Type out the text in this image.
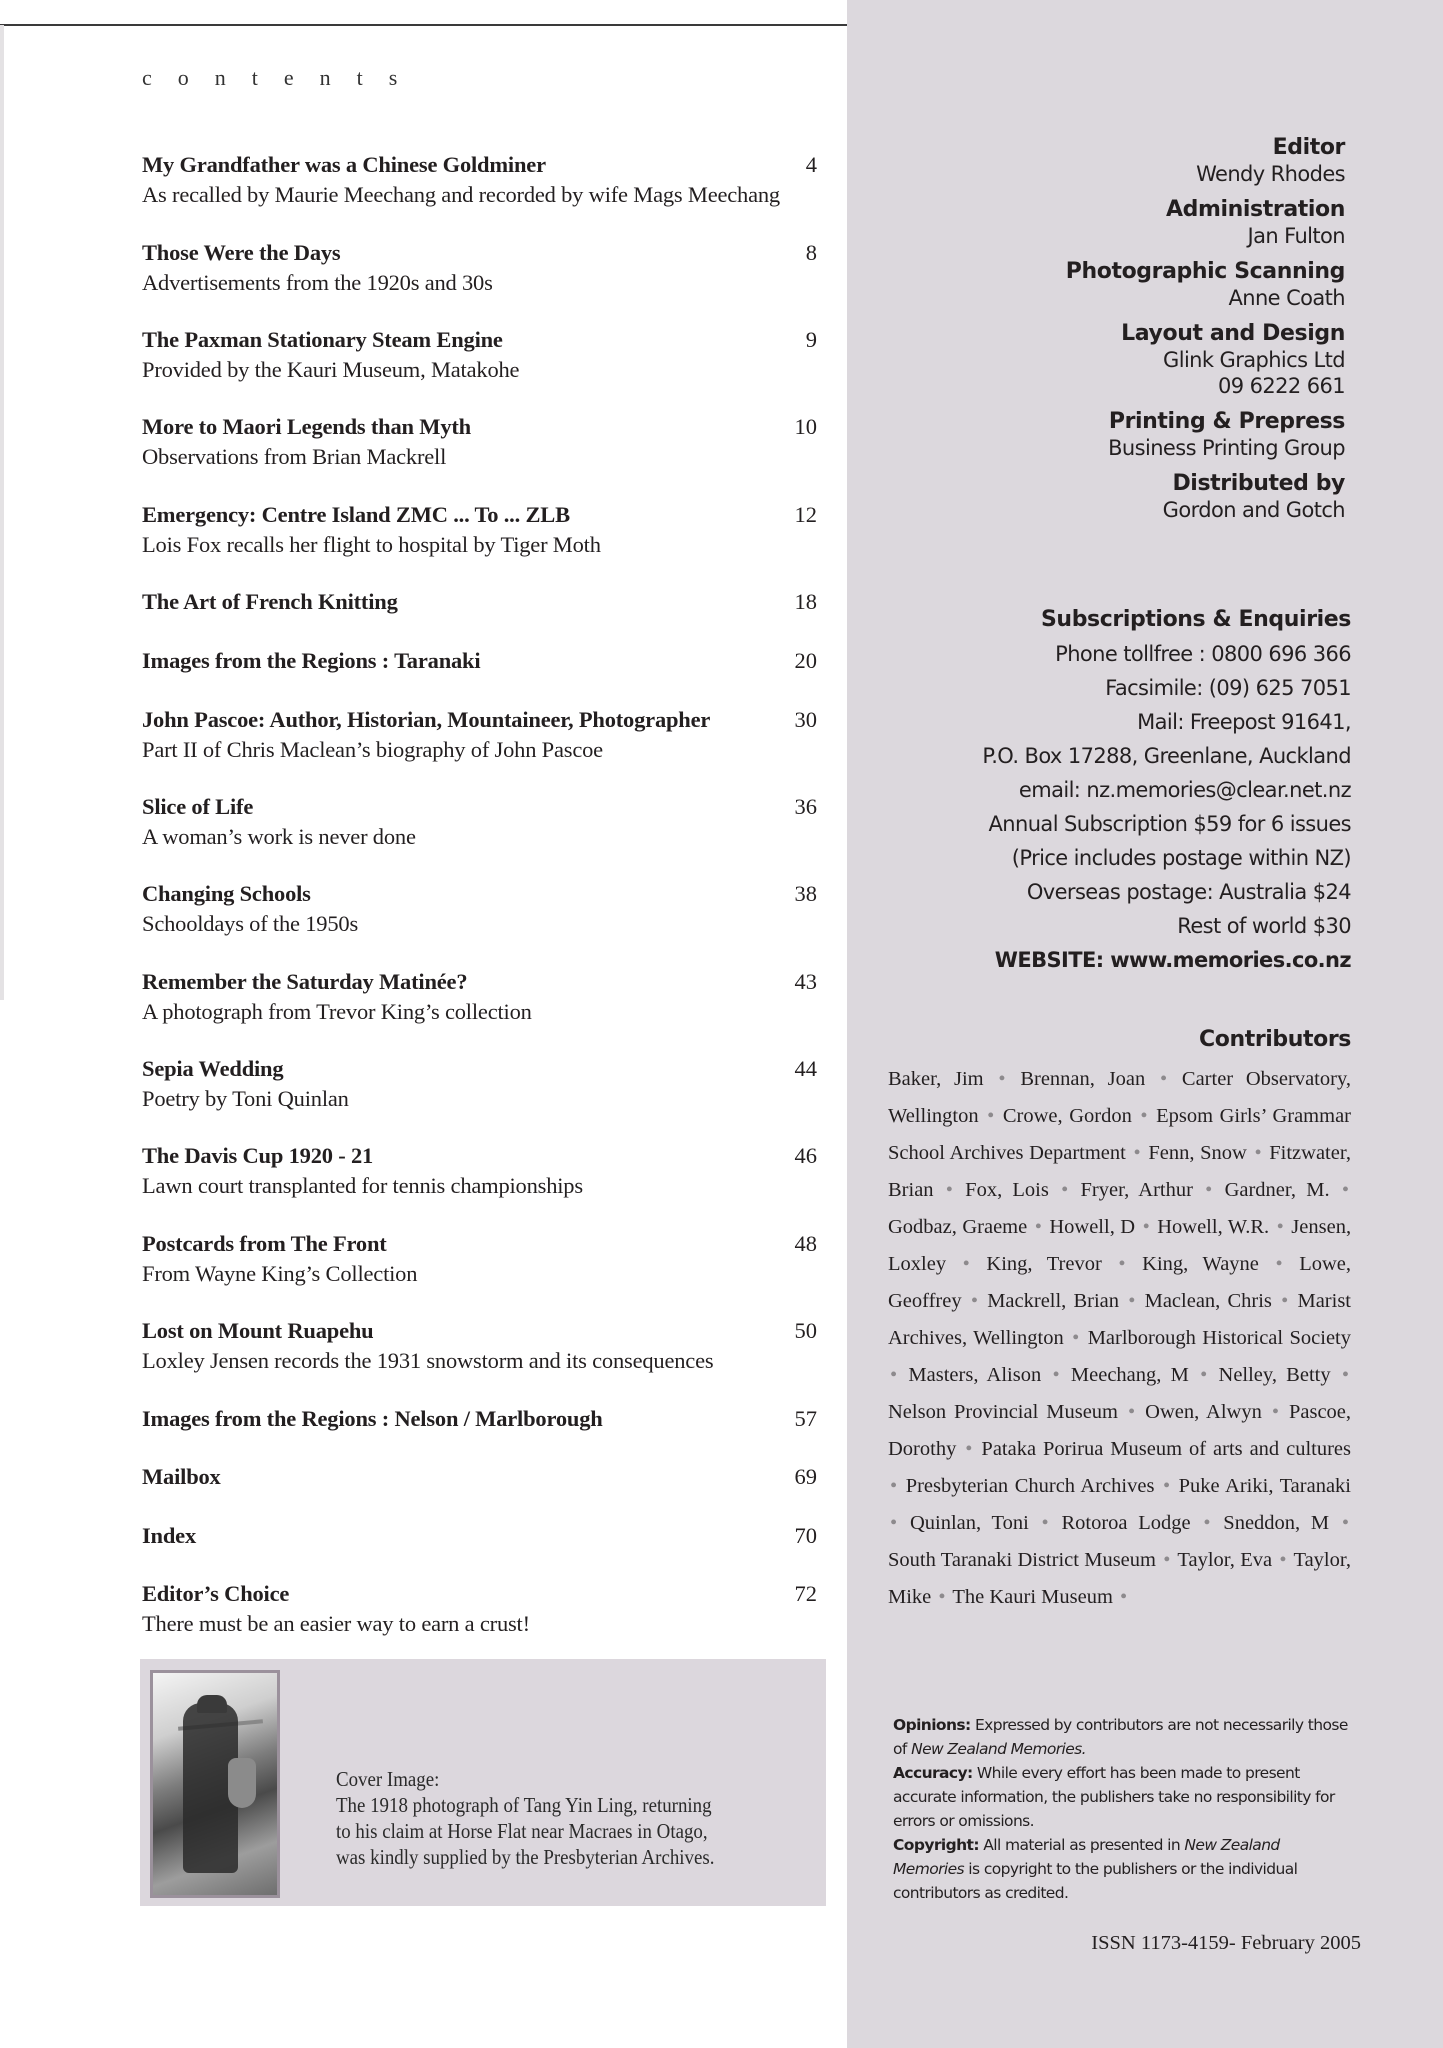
contents
My Grandfather was a Chinese Goldminer	4
As recalled by Maurie Meechang and recorded by wife Mags Meechang
Those Were the Days	8
Advertisements from the 1920s and 30s
The Paxman Stationary Steam Engine	9
Provided by the Kauri Museum, Matakohe
More to Maori Legends than Myth	10
Observations from Brian Mackrell
Emergency: Centre Island ZMC ... To ... ZLB	12
Lois Fox recalls her flight to hospital by Tiger Moth
The Art of French Knitting	18
Images from the Regions : Taranaki	20
John Pascoe: Author, Historian, Mountaineer, Photographer	30
Part II of Chris Maclean’s biography of John Pascoe
Slice of Life	36
A woman’s work is never done
Changing Schools	38
Schooldays of the 1950s
Remember the Saturday Matinée?	43
A photograph from Trevor King’s collection
Sepia Wedding	44
Poetry by Toni Quinlan
The Davis Cup 1920 - 21	46
Lawn court transplanted for tennis championships
Postcards from The Front	48
From Wayne King’s Collection
Lost on Mount Ruapehu	50
Loxley Jensen records the 1931 snowstorm and its consequences
Images from the Regions : Nelson / Marlborough	57
Mailbox	69
Index	70
Editor’s Choice	72
There must be an easier way to earn a crust!
Cover Image:
The 1918 photograph of Tang Yin Ling, returning
to his claim at Horse Flat near Macraes in Otago,
was kindly supplied by the Presbyterian Archives.
Editor
Wendy Rhodes
Administration
Jan Fulton
Photographic Scanning
Anne Coath
Layout and Design
Glink Graphics Ltd
09 6222 661
Printing & Prepress
Business Printing Group
Distributed by
Gordon and Gotch
Subscriptions & Enquiries
Phone tollfree : 0800 696 366
Facsimile: (09) 625 7051
Mail: Freepost 91641,
P.O. Box 17288, Greenlane, Auckland
email: nz.memories@clear.net.nz
Annual Subscription $59 for 6 issues
(Price includes postage within NZ)
Overseas postage: Australia $24
Rest of world $30
WEBSITE: www.memories.co.nz
Contributors
Baker, Jim • Brennan, Joan • Carter Observatory, Wellington • Crowe, Gordon • Epsom Girls’ Grammar School Archives Department • Fenn, Snow • Fitzwater, Brian • Fox, Lois • Fryer, Arthur • Gardner, M. • Godbaz, Graeme • Howell, D • Howell, W.R. • Jensen, Loxley • King, Trevor • King, Wayne • Lowe, Geoffrey • Mackrell, Brian • Maclean, Chris • Marist Archives, Wellington • Marlborough Historical Society • Masters, Alison • Meechang, M • Nelley, Betty • Nelson Provincial Museum • Owen, Alwyn • Pascoe, Dorothy • Pataka Porirua Museum of arts and cultures • Presbyterian Church Archives • Puke Ariki, Taranaki • Quinlan, Toni • Rotoroa Lodge • Sneddon, M • South Taranaki District Museum • Taylor, Eva • Taylor, Mike • The Kauri Museum •
Opinions: Expressed by contributors are not necessarily those of New Zealand Memories.
Accuracy: While every effort has been made to present accurate information, the publishers take no responsibility for errors or omissions.
Copyright: All material as presented in New Zealand Memories is copyright to the publishers or the individual contributors as credited.
ISSN 1173-4159- February 2005
